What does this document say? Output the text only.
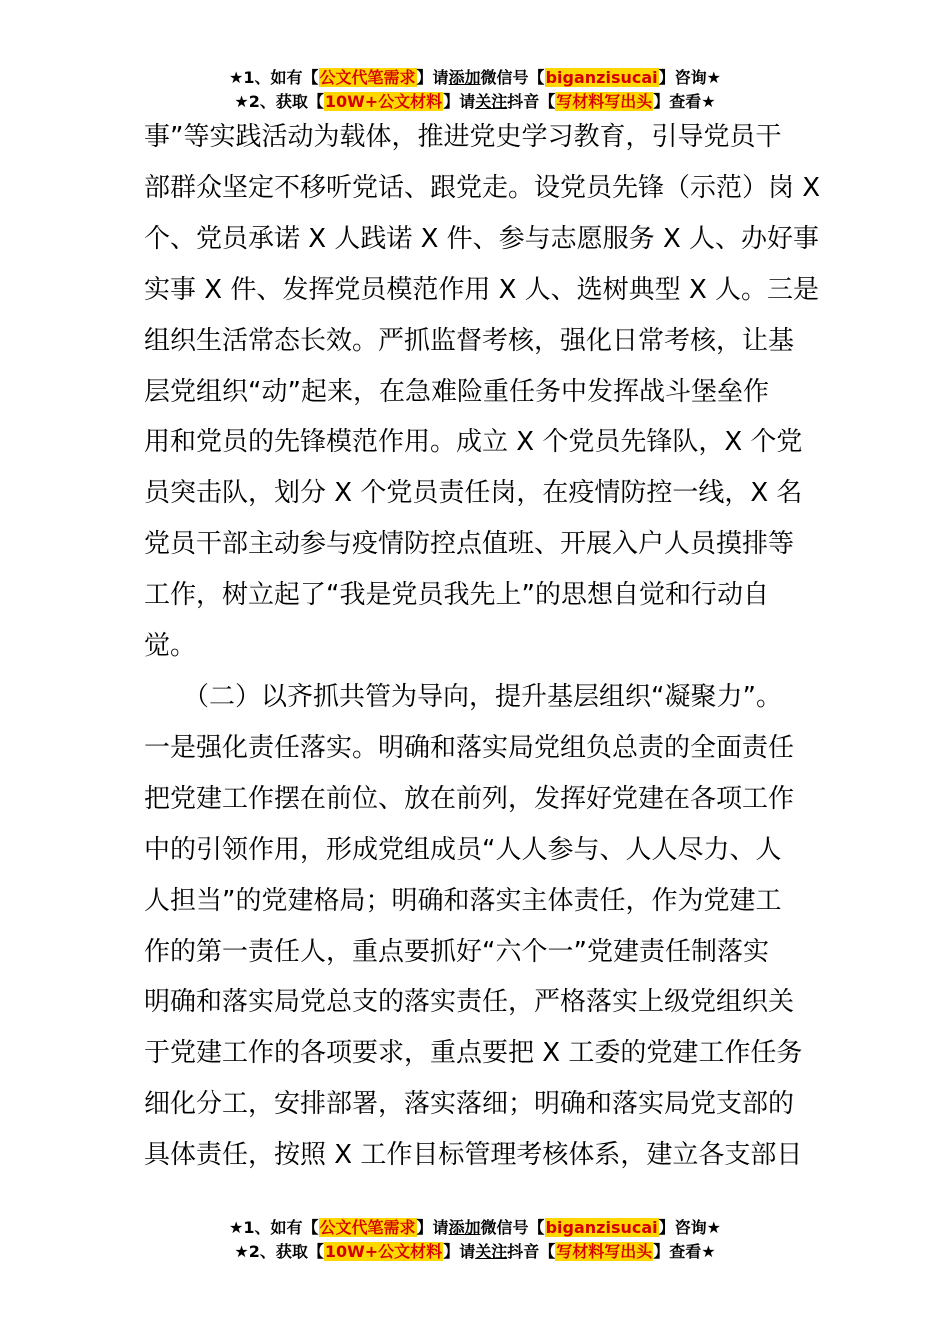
★1、如有【公文代笔需求】请添加微信号【biganzisucai】咨询★
★2、获取【10W+公文材料】请关注抖音【写材料写出头】查看★
事”等实践活动为载体，推进党史学习教育，引导党员干
部群众坚定不移听党话、跟党走。设党员先锋（示范）岗 X
个、党员承诺 X 人践诺 X 件、参与志愿服务 X 人、办好事
实事 X 件、发挥党员模范作用 X 人、选树典型 X 人。三是
组织生活常态长效。严抓监督考核，强化日常考核，让基
层党组织“动”起来，在急难险重任务中发挥战斗堡垒作
用和党员的先锋模范作用。成立 X 个党员先锋队，X 个党
员突击队，划分 X 个党员责任岗，在疫情防控一线，X 名
党员干部主动参与疫情防控点值班、开展入户人员摸排等
工作，树立起了“我是党员我先上”的思想自觉和行动自
觉。
　　（二）以齐抓共管为导向，提升基层组织“凝聚力”。
一是强化责任落实。明确和落实局党组负总责的全面责任
把党建工作摆在前位、放在前列，发挥好党建在各项工作
中的引领作用，形成党组成员“人人参与、人人尽力、人
人担当”的党建格局；明确和落实主体责任，作为党建工
作的第一责任人，重点要抓好“六个一”党建责任制落实
明确和落实局党总支的落实责任，严格落实上级党组织关
于党建工作的各项要求，重点要把 X 工委的党建工作任务
细化分工，安排部署，落实落细；明确和落实局党支部的
具体责任，按照 X 工作目标管理考核体系，建立各支部日
★1、如有【公文代笔需求】请添加微信号【biganzisucai】咨询★
★2、获取【10W+公文材料】请关注抖音【写材料写出头】查看★
